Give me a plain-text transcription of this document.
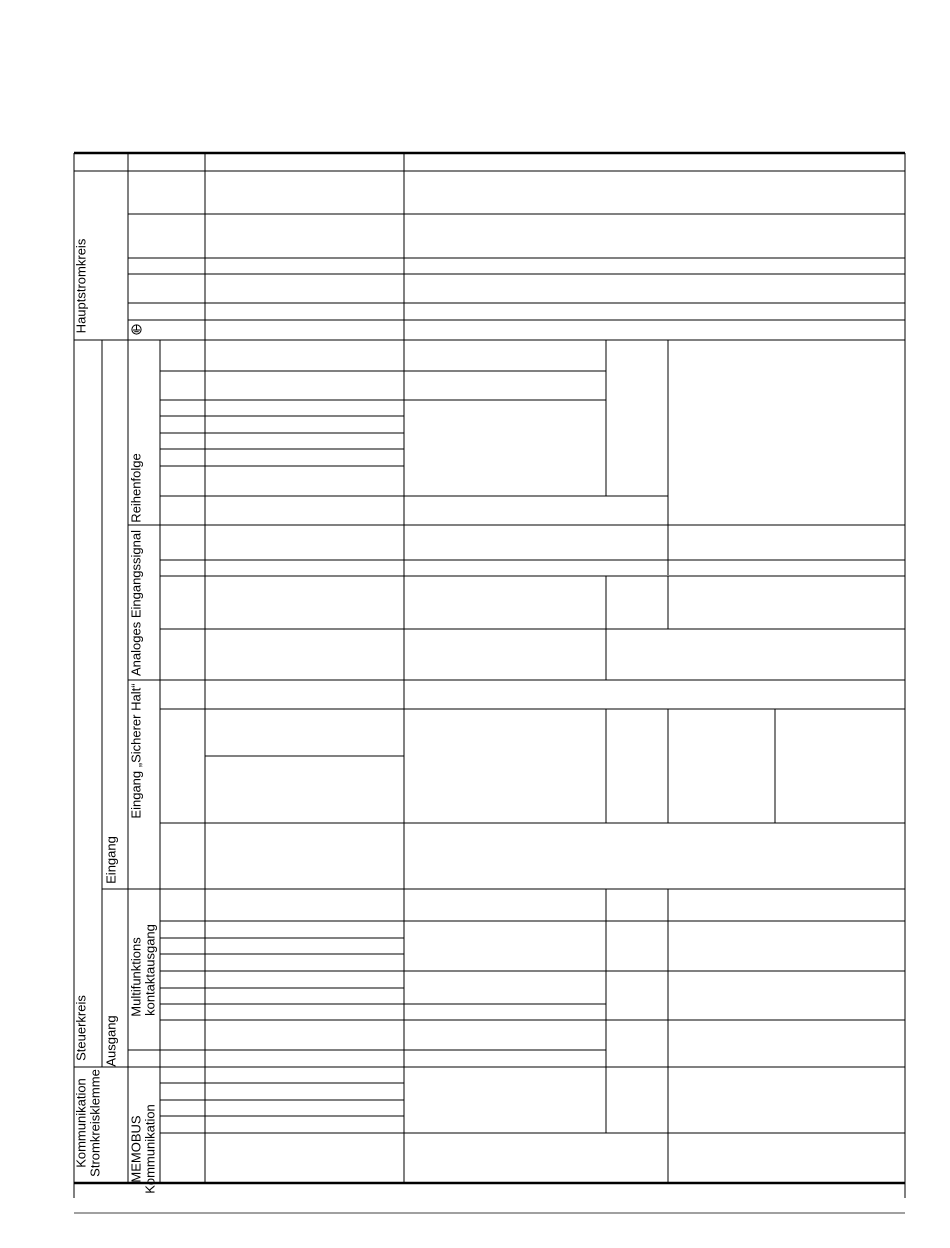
Hauptstromkreis
Steuerkreis
Kommunikation Stromkreisklemme
Eingang
Ausgang
Reihenfolge
Analoges Eingangssignal
Eingang „Sicherer Halt“
Multifunktions kontaktausgang
MEMOBUS Kommunikation
